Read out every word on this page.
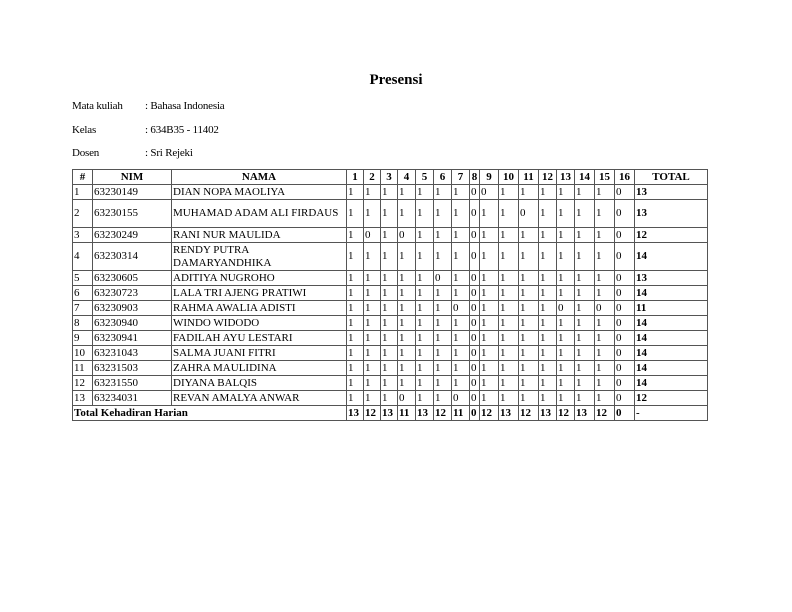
Presensi
Mata kuliah : Bahasa Indonesia
Kelas	: 634B35 - 11402
Dosen	: Sri Rejeki
#	NIM	NAMA	1	2	3	4	5	6	7	8	9	10	11	12	13	14	15	16	TOTAL
1	63230149	DIAN NOPA MAOLIYA	1	1	1	1	1	1	1	0	0	1	1	1	1	1	1	0	13
2	63230155	MUHAMAD ADAM ALI FIRDAUS	1	1	1	1	1	1	1	0	1	1	0	1	1	1	1	0	13
3	63230249	RANI NUR MAULIDA	1	0	1	0	1	1	1	0	1	1	1	1	1	1	1	0	12
4	63230314	RENDY PUTRA DAMARYANDHIKA	1	1	1	1	1	1	1	0	1	1	1	1	1	1	1	0	14
5	63230605	ADITIYA NUGROHO	1	1	1	1	1	0	1	0	1	1	1	1	1	1	1	0	13
6	63230723	LALA TRI AJENG PRATIWI	1	1	1	1	1	1	1	0	1	1	1	1	1	1	1	0	14
7	63230903	RAHMA AWALIA ADISTI	1	1	1	1	1	1	0	0	1	1	1	1	0	1	0	0	11
8	63230940	WINDO WIDODO	1	1	1	1	1	1	1	0	1	1	1	1	1	1	1	0	14
9	63230941	FADILAH AYU LESTARI	1	1	1	1	1	1	1	0	1	1	1	1	1	1	1	0	14
10	63231043	SALMA JUANI FITRI	1	1	1	1	1	1	1	0	1	1	1	1	1	1	1	0	14
11	63231503	ZAHRA MAULIDINA	1	1	1	1	1	1	1	0	1	1	1	1	1	1	1	0	14
12	63231550	DIYANA BALQIS	1	1	1	1	1	1	1	0	1	1	1	1	1	1	1	0	14
13	63234031	REVAN AMALYA ANWAR	1	1	1	0	1	1	0	0	1	1	1	1	1	1	1	0	12
Total Kehadiran Harian			13	12	13	11	13	12	11	0	12	13	12	13	12	13	12	0	-
